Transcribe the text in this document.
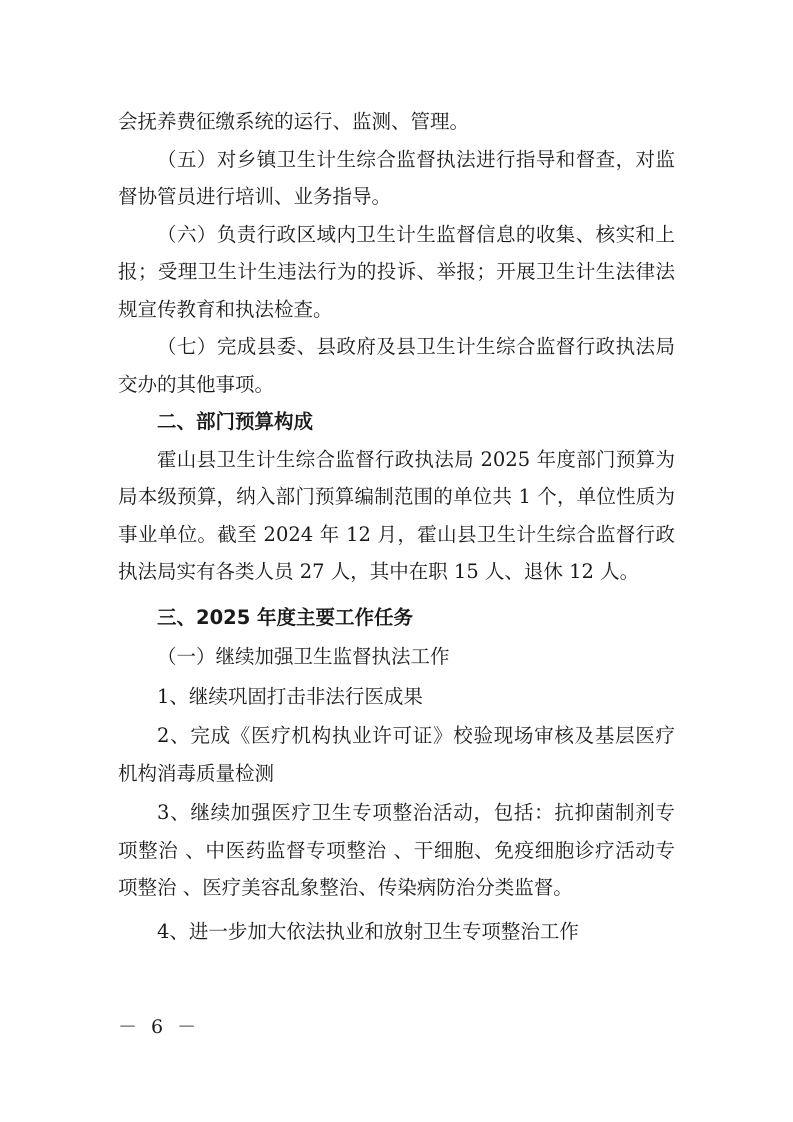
会抚养费征缴系统的运行、监测、管理。

（五）对乡镇卫生计生综合监督执法进行指导和督查，对监督协管员进行培训、业务指导。

（六）负责行政区域内卫生计生监督信息的收集、核实和上报；受理卫生计生违法行为的投诉、举报；开展卫生计生法律法规宣传教育和执法检查。

（七）完成县委、县政府及县卫生计生综合监督行政执法局交办的其他事项。

二、部门预算构成

霍山县卫生计生综合监督行政执法局 2025 年度部门预算为局本级预算，纳入部门预算编制范围的单位共 1 个，单位性质为事业单位。截至 2024 年 12 月，霍山县卫生计生综合监督行政执法局实有各类人员 27 人，其中在职 15 人、退休 12 人。

三、2025 年度主要工作任务

（一）继续加强卫生监督执法工作

1、继续巩固打击非法行医成果

2、完成《医疗机构执业许可证》校验现场审核及基层医疗机构消毒质量检测

3、继续加强医疗卫生专项整治活动，包括：抗抑菌制剂专项整治 、中医药监督专项整治 、干细胞、免疫细胞诊疗活动专项整治 、医疗美容乱象整治、传染病防治分类监督。

4、进一步加大依法执业和放射卫生专项整治工作

－ 6 －
